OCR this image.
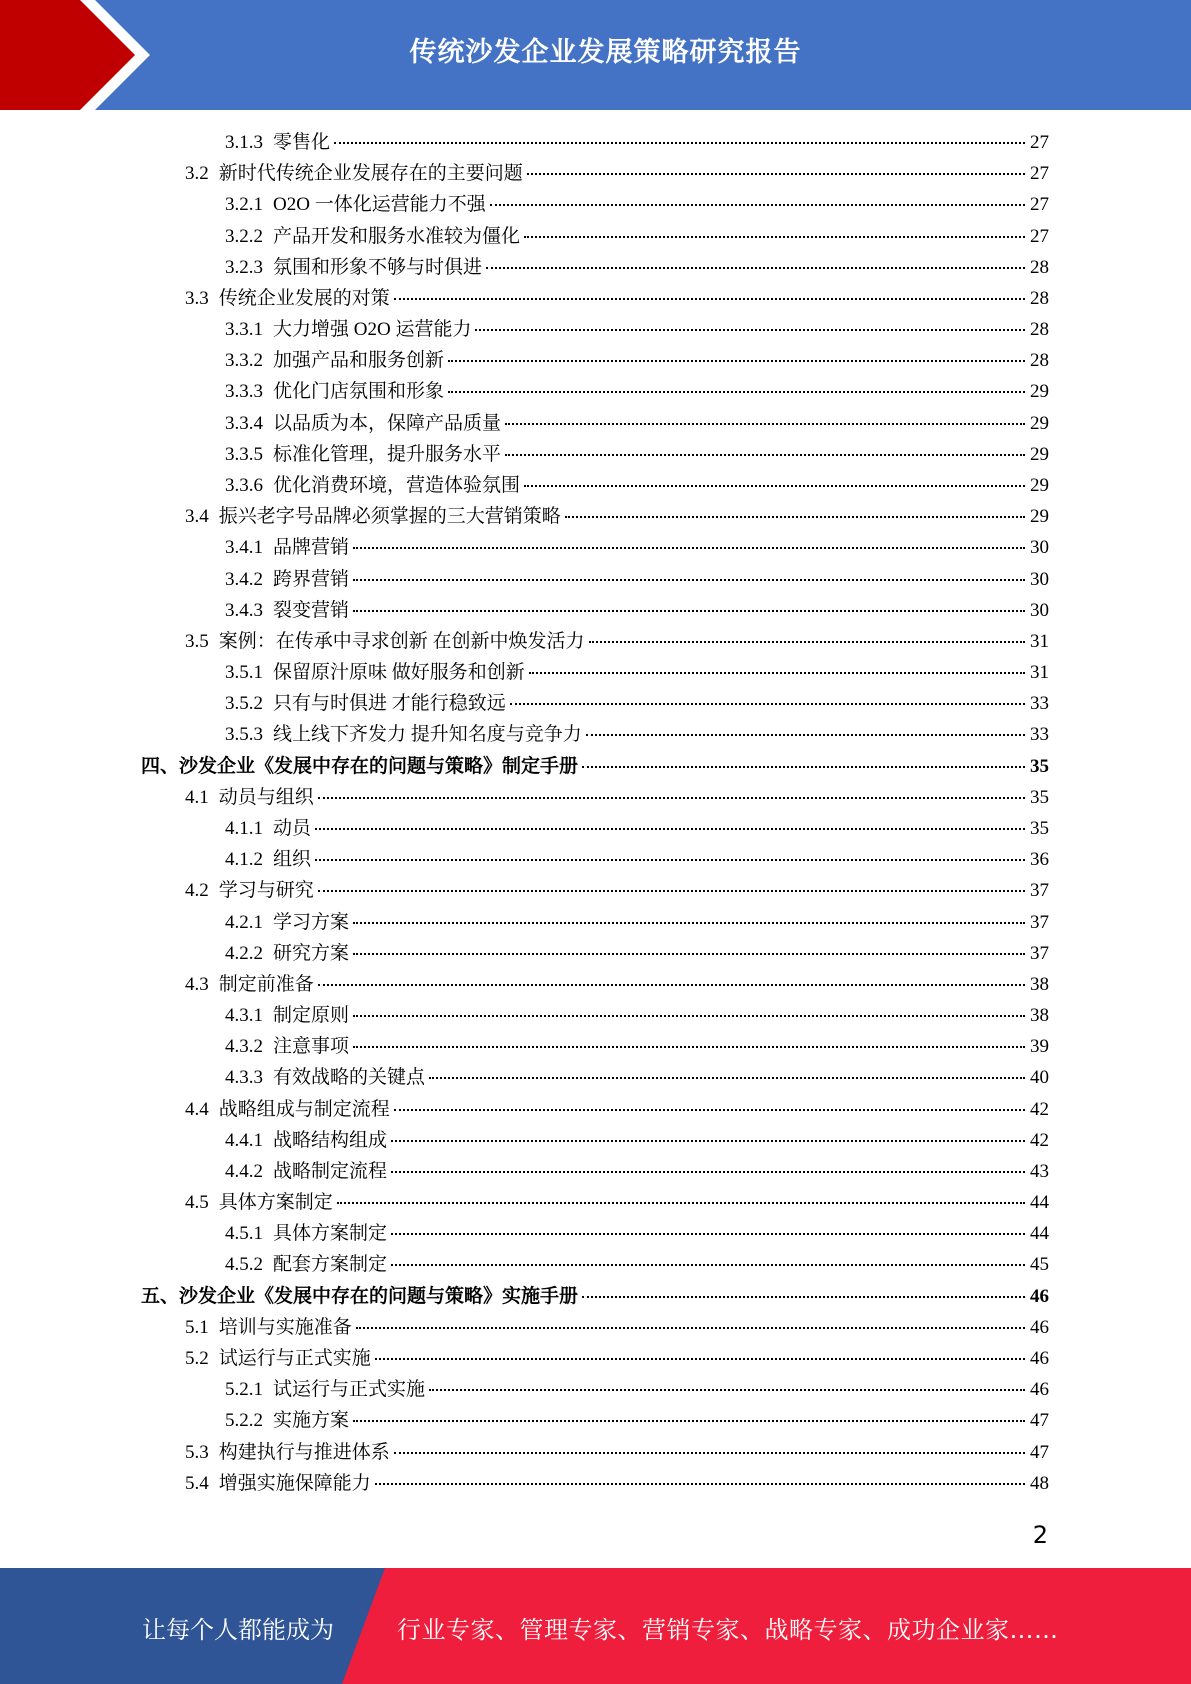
传统沙发企业发展策略研究报告
3.1.3 零售化	27
3.2 新时代传统企业发展存在的主要问题	27
3.2.1 O2O 一体化运营能力不强	27
3.2.2 产品开发和服务水准较为僵化	27
3.2.3 氛围和形象不够与时俱进	28
3.3 传统企业发展的对策	28
3.3.1 大力增强 O2O 运营能力	28
3.3.2 加强产品和服务创新	28
3.3.3 优化门店氛围和形象	29
3.3.4 以品质为本，保障产品质量	29
3.3.5 标准化管理，提升服务水平	29
3.3.6 优化消费环境，营造体验氛围	29
3.4 振兴老字号品牌必须掌握的三大营销策略	29
3.4.1 品牌营销	30
3.4.2 跨界营销	30
3.4.3 裂变营销	30
3.5 案例：在传承中寻求创新 在创新中焕发活力	31
3.5.1 保留原汁原味 做好服务和创新	31
3.5.2 只有与时俱进 才能行稳致远	33
3.5.3 线上线下齐发力 提升知名度与竞争力	33
四、 沙发企业《发展中存在的问题与策略》制定手册	35
4.1 动员与组织	35
4.1.1 动员	35
4.1.2 组织	36
4.2 学习与研究	37
4.2.1 学习方案	37
4.2.2 研究方案	37
4.3 制定前准备	38
4.3.1 制定原则	38
4.3.2 注意事项	39
4.3.3 有效战略的关键点	40
4.4 战略组成与制定流程	42
4.4.1 战略结构组成	42
4.4.2 战略制定流程	43
4.5 具体方案制定	44
4.5.1 具体方案制定	44
4.5.2 配套方案制定	45
五、 沙发企业《发展中存在的问题与策略》实施手册	46
5.1 培训与实施准备	46
5.2 试运行与正式实施	46
5.2.1 试运行与正式实施	46
5.2.2 实施方案	47
5.3 构建执行与推进体系	47
5.4 增强实施保障能力	48
2
让每个人都能成为	行业专家、管理专家、营销专家、战略专家、成功企业家……
